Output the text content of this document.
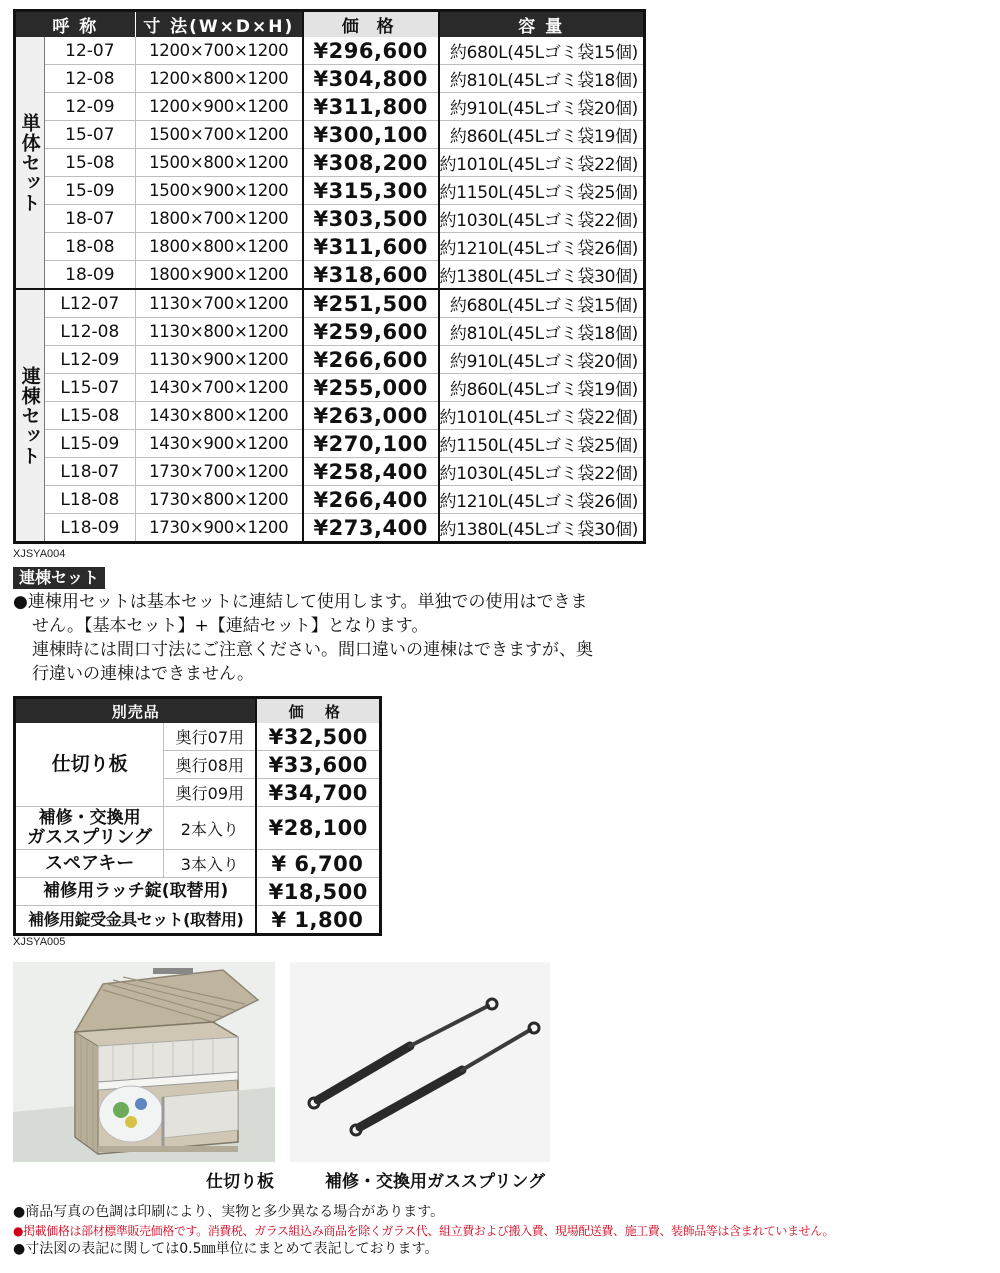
呼 称		寸 法(W×D×H)	価 格	容 量
単体セット	12-07	1200×700×1200	¥296,600	約680L(45Lゴミ袋15個)
	12-08	1200×800×1200	¥304,800	約810L(45Lゴミ袋18個)
	12-09	1200×900×1200	¥311,800	約910L(45Lゴミ袋20個)
	15-07	1500×700×1200	¥300,100	約860L(45Lゴミ袋19個)
	15-08	1500×800×1200	¥308,200	約1010L(45Lゴミ袋22個)
	15-09	1500×900×1200	¥315,300	約1150L(45Lゴミ袋25個)
	18-07	1800×700×1200	¥303,500	約1030L(45Lゴミ袋22個)
	18-08	1800×800×1200	¥311,600	約1210L(45Lゴミ袋26個)
	18-09	1800×900×1200	¥318,600	約1380L(45Lゴミ袋30個)
連棟セット	L12-07	1130×700×1200	¥251,500	約680L(45Lゴミ袋15個)
	L12-08	1130×800×1200	¥259,600	約810L(45Lゴミ袋18個)
	L12-09	1130×900×1200	¥266,600	約910L(45Lゴミ袋20個)
	L15-07	1430×700×1200	¥255,000	約860L(45Lゴミ袋19個)
	L15-08	1430×800×1200	¥263,000	約1010L(45Lゴミ袋22個)
	L15-09	1430×900×1200	¥270,100	約1150L(45Lゴミ袋25個)
	L18-07	1730×700×1200	¥258,400	約1030L(45Lゴミ袋22個)
	L18-08	1730×800×1200	¥266,400	約1210L(45Lゴミ袋26個)
	L18-09	1730×900×1200	¥273,400	約1380L(45Lゴミ袋30個)
XJSYA004
連棟セット
●連棟用セットは基本セットに連結して使用します。単独での使用はできま
せん。【基本セット】+【連結セット】となります。
連棟時には間口寸法にご注意ください。間口違いの連棟はできますが、奥
行違いの連棟はできません。
別売品		価 格
仕切り板	奥行07用	¥32,500
	奥行08用	¥33,600
	奥行09用	¥34,700

補修・交換用
ガススプリング	2本入り	¥28,100
スペアキー	3本入り	¥ 6,700
補修用ラッチ錠(取替用)		¥18,500
補修用錠受金具セット(取替用)		¥ 1,800
XJSYA005
仕切り板	補修・交換用ガススプリング
●商品写真の色調は印刷により、実物と多少異なる場合があります。
●掲載価格は部材標準販売価格です。消費税、ガラス組込み商品を除くガラス代、組立費および搬入費、現場配送費、施工費、装飾品等は含まれていません。
●寸法図の表記に関しては0.5㎜単位にまとめて表記しております。
